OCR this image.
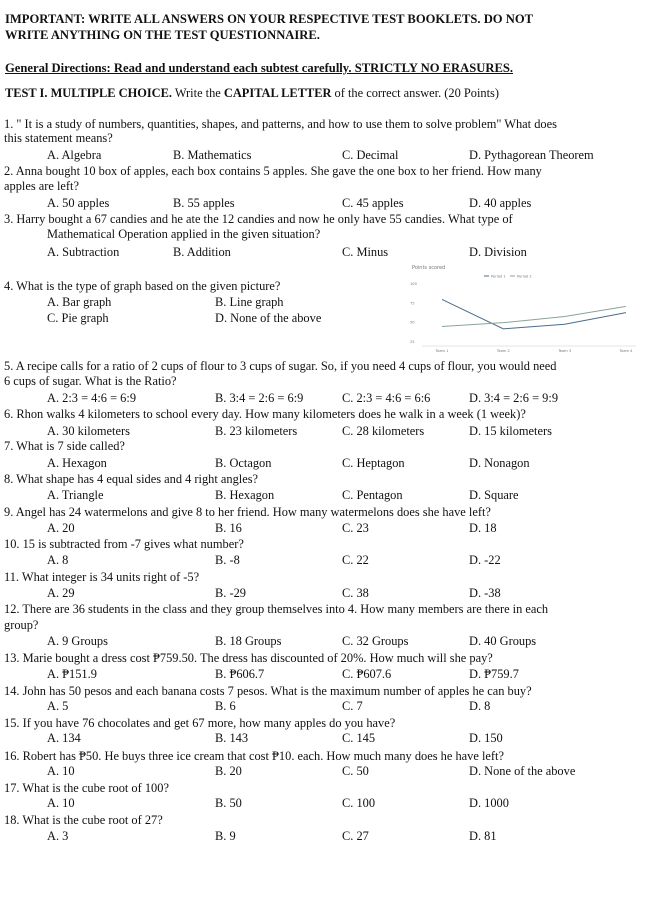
IMPORTANT: WRITE ALL ANSWERS ON YOUR RESPECTIVE TEST BOOKLETS. DO NOT
WRITE ANYTHING ON THE TEST QUESTIONNAIRE.
General Directions: Read and understand each subtest carefully. STRICTLY NO ERASURES.
TEST I. MULTIPLE CHOICE. Write the CAPITAL LETTER of the correct answer. (20 Points)
1. " It is a study of numbers, quantities, shapes, and patterns, and how to use them to solve problem" What does
this statement means?
A. Algebra	B. Mathematics	C. Decimal	D. Pythagorean Theorem
2. Anna bought 10 box of apples, each box contains 5 apples. She gave the one box to her friend. How many
apples are left?
A. 50 apples	B. 55 apples	C. 45 apples	D. 40 apples
3. Harry bought a 67 candies and he ate the 12 candies and now he only have 55 candies. What type of
Mathematical Operation applied in the given situation?
A. Subtraction	B. Addition	C. Minus	D. Division
4. What is the type of graph based on the given picture?
A. Bar graph	B. Line graph
C. Pie graph	D. None of the above
5. A recipe calls for a ratio of 2 cups of flour to 3 cups of sugar. So, if you need 4 cups of flour, you would need
6 cups of sugar. What is the Ratio?
A. 2:3 = 4:6 = 6:9	B. 3:4 = 2:6 = 6:9	C. 2:3 = 4:6 = 6:6	D. 3:4 = 2:6 = 9:9
6. Rhon walks 4 kilometers to school every day. How many kilometers does he walk in a week (1 week)?
A. 30 kilometers	B. 23 kilometers	C. 28 kilometers	D. 15 kilometers
7. What is 7 side called?
A. Hexagon	B. Octagon	C. Heptagon	D. Nonagon
8. What shape has 4 equal sides and 4 right angles?
A. Triangle	B. Hexagon	C. Pentagon	D. Square
9. Angel has 24 watermelons and give 8 to her friend. How many watermelons does she have left?
A. 20	B. 16	C. 23	D. 18
10. 15 is subtracted from -7 gives what number?
A. 8	B. -8	C. 22	D. -22
11. What integer is 34 units right of -5?
A. 29	B. -29	C. 38	D. -38
12. There are 36 students in the class and they group themselves into 4. How many members are there in each
group?
A. 9 Groups	B. 18 Groups	C. 32 Groups	D. 40 Groups
13. Marie bought a dress cost ₱759.50. The dress has discounted of 20%. How much will she pay?
A. ₱151.9	B. ₱606.7	C. ₱607.6	D. ₱759.7
14. John has 50 pesos and each banana costs 7 pesos. What is the maximum number of apples he can buy?
A. 5	B. 6	C. 7	D. 8
15. If you have 76 chocolates and get 67 more, how many apples do you have?
A. 134	B. 143	C. 145	D. 150
16. Robert has ₱50. He buys three ice cream that cost ₱10. each. How much many does he have left?
A. 10	B. 20	C. 50	D. None of the above
17. What is the cube root of 100?
A. 10	B. 50	C. 100	D. 1000
18. What is the cube root of 27?
A. 3	B. 9	C. 27	D. 81
Points scored
Period 1	Period 2
100
75
50
25
Team 1	Team 2	Team 3	Team 4
